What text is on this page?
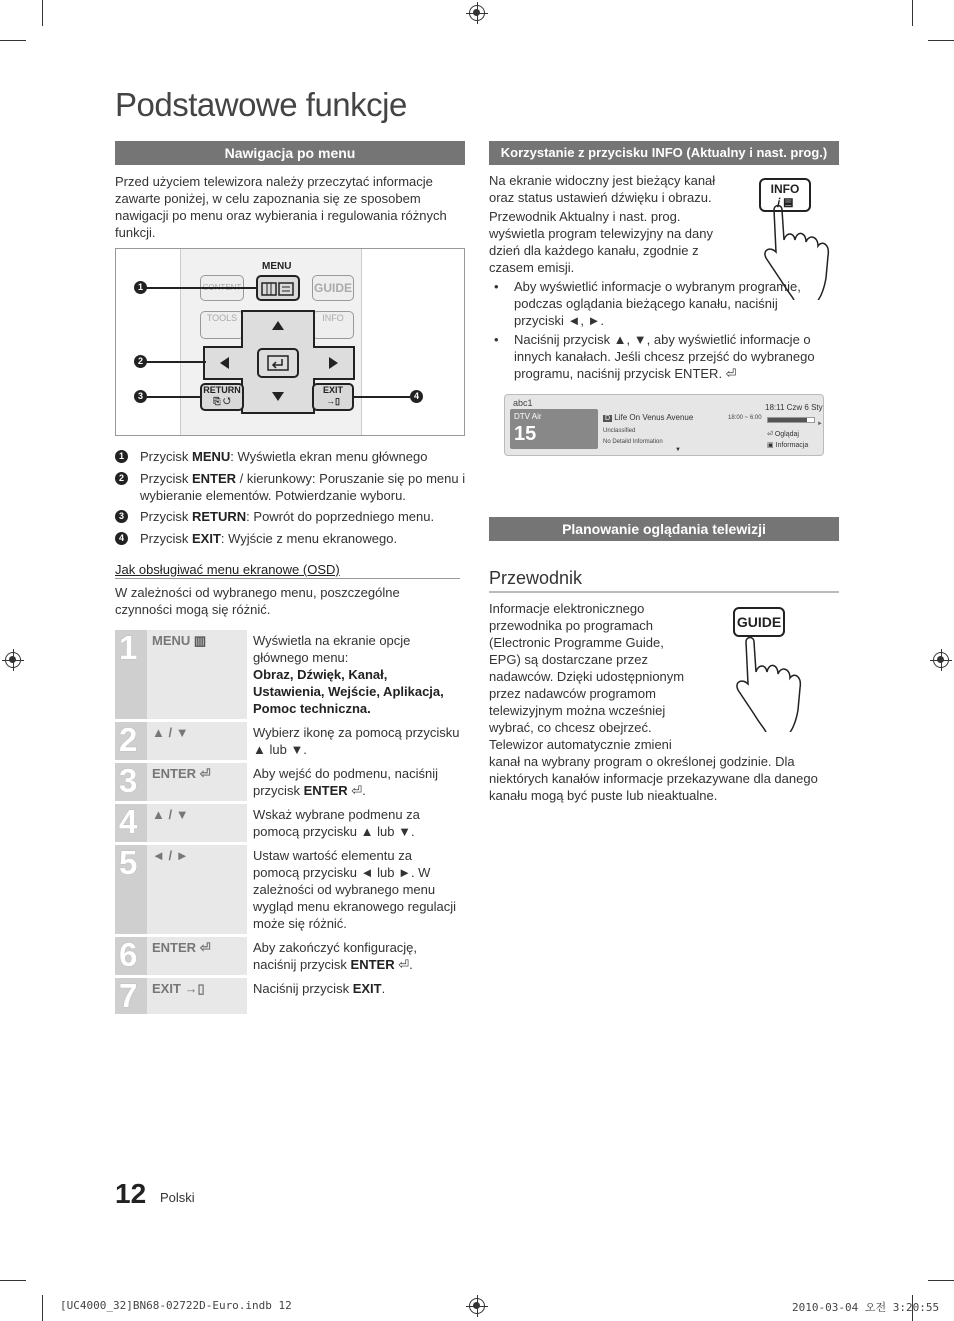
Podstawowe funkcje
Nawigacja po menu
Przed użyciem telewizora należy przeczytać informacje zawarte poniżej, w celu zapoznania się ze sposobem nawigacji po menu oraz wybierania i regulowania różnych funkcji.
MENU
GUIDE
TOOLS	INFO
RETURN
⎘ ↺
EXIT
→▯
1
2
3	4
1	Przycisk MENU: Wyświetla ekran menu głównego
2	Przycisk ENTER / kierunkowy: Poruszanie się po menu i wybieranie elementów. Potwierdzanie wyboru.
3	Przycisk RETURN: Powrót do poprzedniego menu.
4	Przycisk EXIT: Wyjście z menu ekranowego.
Jak obsługiwać menu ekranowe (OSD)
W zależności od wybranego menu, poszczególne czynności mogą się różnić.
1	MENU ▥	Wyświetla na ekranie opcje głównego menu:
Obraz, Dźwięk, Kanał, Ustawienia, Wejście, Aplikacja, Pomoc techniczna.
2	▲ / ▼	Wybierz ikonę za pomocą przycisku ▲ lub ▼.
3	ENTER ⏎	Aby wejść do podmenu, naciśnij przycisk ENTER ⏎.
4	▲ / ▼	Wskaż wybrane podmenu za pomocą przycisku ▲ lub ▼.
5	◄ / ►	Ustaw wartość elementu za pomocą przycisku ◄ lub ►. W zależności od wybranego menu wygląd menu ekranowego regulacji może się różnić.
6	ENTER ⏎	Aby zakończyć konfigurację, naciśnij przycisk ENTER ⏎.
7	EXIT →▯	Naciśnij przycisk EXIT.
Korzystanie z przycisku INFO (Aktualny i nast. prog.)

Na ekranie widoczny jest bieżący kanał oraz status ustawień dźwięku i obrazu.

Przewodnik Aktualny i nast. prog. wyświetla program telewizyjny na dany dzień dla każdego kanału, zgodnie z czasem emisji.

INFO
𝑖 ▤
• Aby wyświetlić informacje o wybranym programie, podczas oglądania bieżącego kanału, naciśnij przyciski ◄, ►.
• Naciśnij przycisk ▲, ▼, aby wyświetlić informacje o innych kanałach. Jeśli chcesz przejść do wybranego programu, naciśnij przycisk ENTER. ⏎
abc1
DTV Air
15
D Life On Venus Avenue
Unclassified
No Detaild Information
18:11 Czw 6 Sty
18:00 ~ 6:00
⏎ Oglądaj
▣ Informacja
▼
►
Planowanie oglądania telewizji
Przewodnik
Informacje elektronicznego przewodnika po programach (Electronic Programme Guide, EPG) są dostarczane przez nadawców. Dzięki udostępnionym przez nadawców programom telewizyjnym można wcześniej wybrać, co chcesz obejrzeć. Telewizor automatycznie zmieni kanał na wybrany program o określonej godzinie. Dla niektórych kanałów informacje przekazywane dla danego kanału mogą być puste lub nieaktualne.
GUIDE
12 Polski
[UC4000_32]BN68-02722D-Euro.indb 12	2010-03-04 오전 3:20:55
